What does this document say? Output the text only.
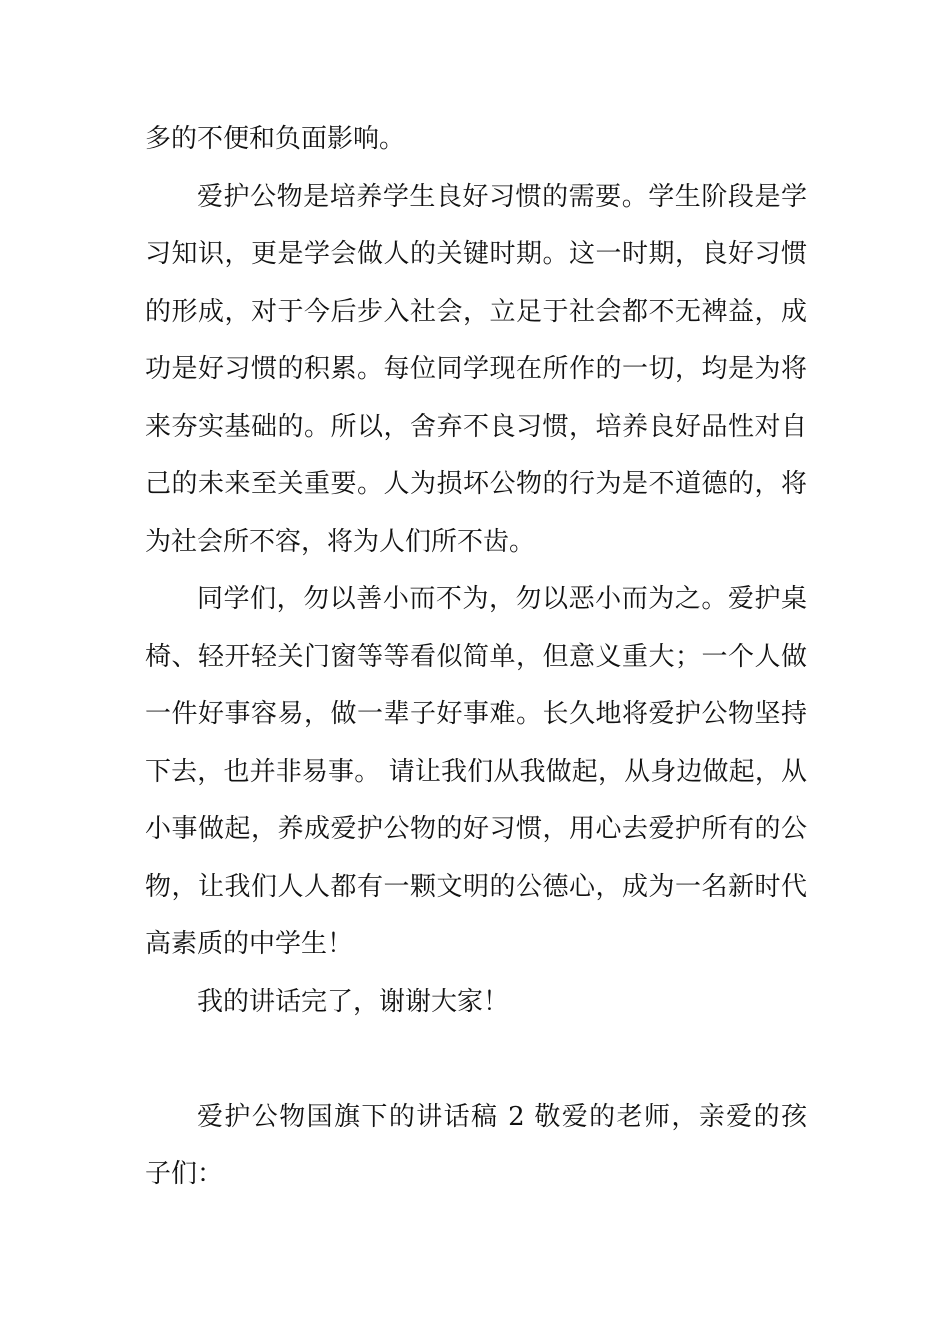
多的不便和负面影响。
爱护公物是培养学生良好习惯的需要。学生阶段是学
习知识，更是学会做人的关键时期。这一时期，良好习惯
的形成，对于今后步入社会，立足于社会都不无裨益，成
功是好习惯的积累。每位同学现在所作的一切，均是为将
来夯实基础的。所以，舍弃不良习惯，培养良好品性对自
己的未来至关重要。人为损坏公物的行为是不道德的，将
为社会所不容，将为人们所不齿。
同学们，勿以善小而不为，勿以恶小而为之。爱护桌
椅、轻开轻关门窗等等看似简单，但意义重大；一个人做
一件好事容易，做一辈子好事难。长久地将爱护公物坚持
下去，也并非易事。 请让我们从我做起，从身边做起，从
小事做起，养成爱护公物的好习惯，用心去爱护所有的公
物，让我们人人都有一颗文明的公德心，成为一名新时代
高素质的中学生！
我的讲话完了，谢谢大家！
爱护公物国旗下的讲话稿 2 敬爱的老师，亲爱的孩
子们：
